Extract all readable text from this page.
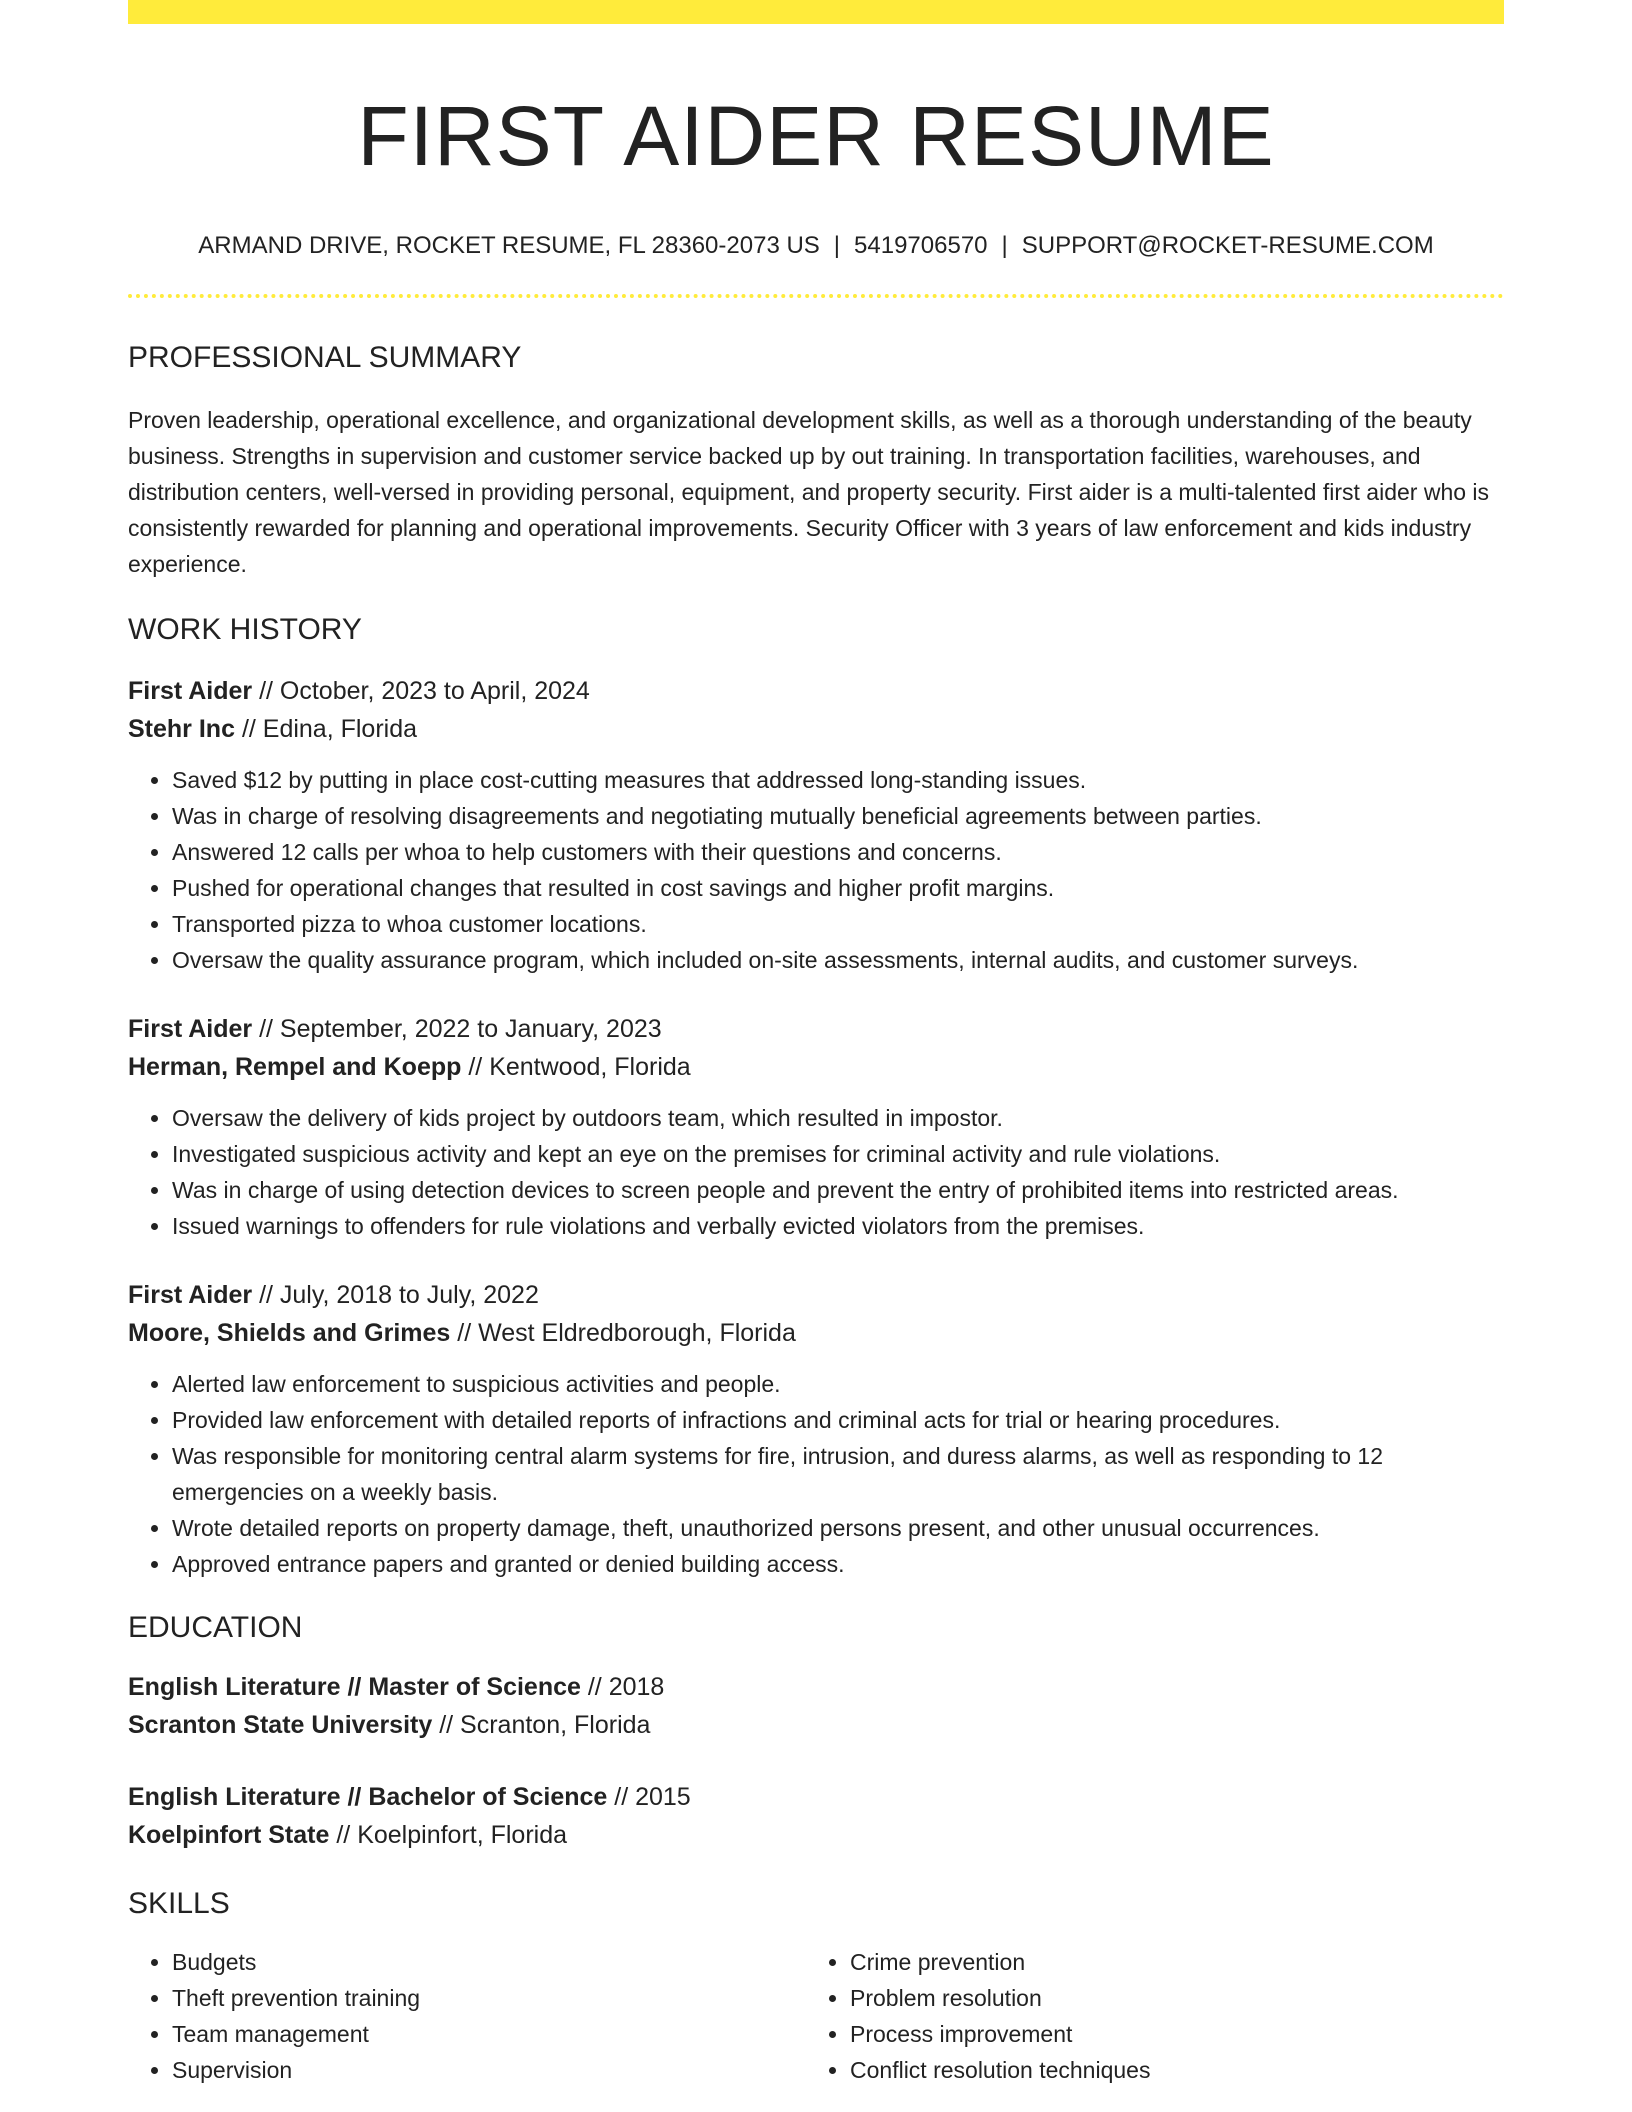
FIRST AIDER RESUME
ARMAND DRIVE, ROCKET RESUME, FL 28360-2073 US | 5419706570 | SUPPORT@ROCKET-RESUME.COM
PROFESSIONAL SUMMARY

Proven leadership, operational excellence, and organizational development skills, as well as a thorough understanding of the beauty business. Strengths in supervision and customer service backed up by out training. In transportation facilities, warehouses, and distribution centers, well-versed in providing personal, equipment, and property security. First aider is a multi-talented first aider who is consistently rewarded for planning and operational improvements. Security Officer with 3 years of law enforcement and kids industry experience.

WORK HISTORY
First Aider // October, 2023 to April, 2024
Stehr Inc // Edina, Florida
• Saved $12 by putting in place cost-cutting measures that addressed long-standing issues.
• Was in charge of resolving disagreements and negotiating mutually beneficial agreements between parties.
• Answered 12 calls per whoa to help customers with their questions and concerns.
• Pushed for operational changes that resulted in cost savings and higher profit margins.
• Transported pizza to whoa customer locations.
• Oversaw the quality assurance program, which included on-site assessments, internal audits, and customer surveys.
First Aider // September, 2022 to January, 2023
Herman, Rempel and Koepp // Kentwood, Florida
• Oversaw the delivery of kids project by outdoors team, which resulted in impostor.
• Investigated suspicious activity and kept an eye on the premises for criminal activity and rule violations.
• Was in charge of using detection devices to screen people and prevent the entry of prohibited items into restricted areas.
• Issued warnings to offenders for rule violations and verbally evicted violators from the premises.
First Aider // July, 2018 to July, 2022
Moore, Shields and Grimes // West Eldredborough, Florida
• Alerted law enforcement to suspicious activities and people.
• Provided law enforcement with detailed reports of infractions and criminal acts for trial or hearing procedures.
• Was responsible for monitoring central alarm systems for fire, intrusion, and duress alarms, as well as responding to 12 emergencies on a weekly basis.
• Wrote detailed reports on property damage, theft, unauthorized persons present, and other unusual occurrences.
• Approved entrance papers and granted or denied building access.
EDUCATION
English Literature // Master of Science // 2018
Scranton State University // Scranton, Florida
English Literature // Bachelor of Science // 2015
Koelpinfort State // Koelpinfort, Florida
SKILLS
• Budgets
• Theft prevention training
• Team management
• Supervision
• Crime prevention
• Problem resolution
• Process improvement
• Conflict resolution techniques
